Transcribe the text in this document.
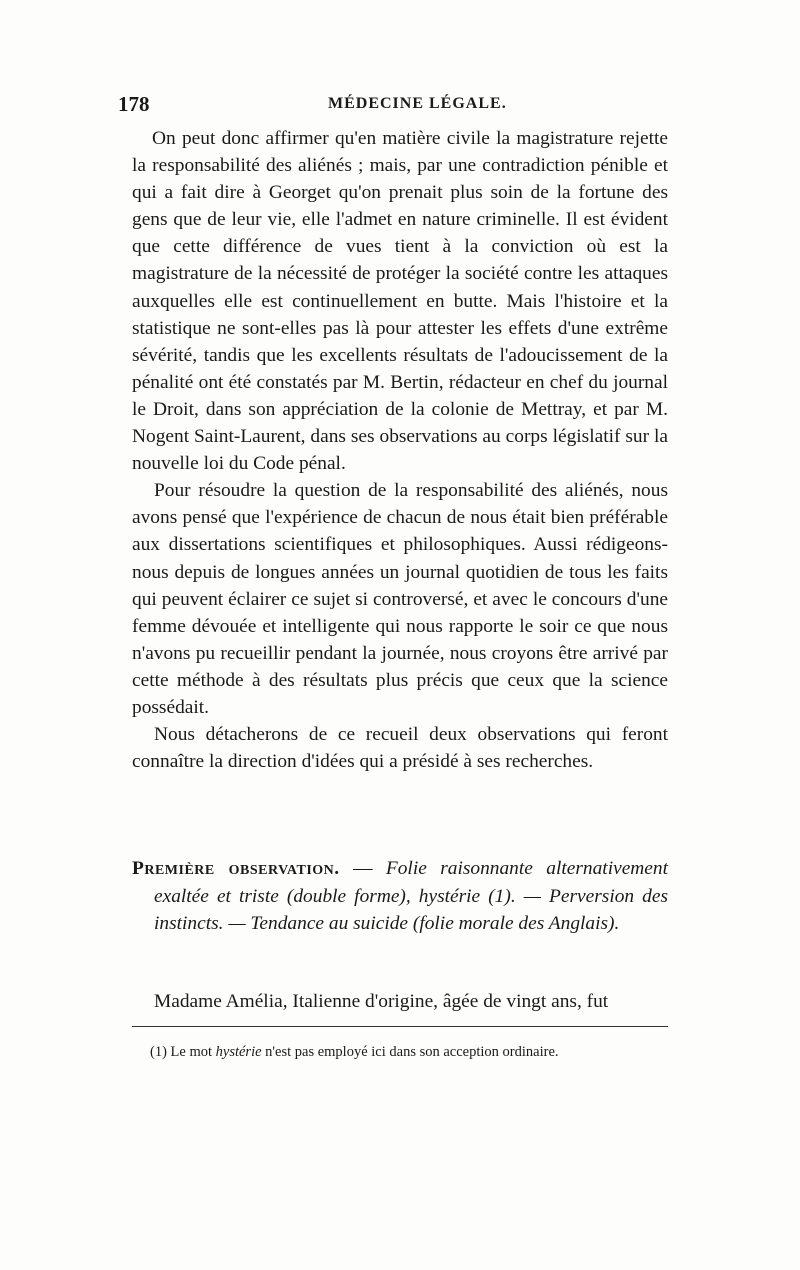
178	MÉDECINE LÉGALE.

On peut donc affirmer qu'en matière civile la magistrature rejette la responsabilité des aliénés ; mais, par une contradiction pénible et qui a fait dire à Georget qu'on prenait plus soin de la fortune des gens que de leur vie, elle l'admet en nature criminelle. Il est évident que cette différence de vues tient à la conviction où est la magistrature de la nécessité de protéger la société contre les attaques auxquelles elle est continuellement en butte. Mais l'histoire et la statistique ne sont-elles pas là pour attester les effets d'une extrême sévérité, tandis que les excellents résultats de l'adoucissement de la pénalité ont été constatés par M. Bertin, rédacteur en chef du journal le Droit, dans son appréciation de la colonie de Mettray, et par M. Nogent Saint-Laurent, dans ses observations au corps législatif sur la nouvelle loi du Code pénal.

Pour résoudre la question de la responsabilité des aliénés, nous avons pensé que l'expérience de chacun de nous était bien préférable aux dissertations scientifiques et philosophiques. Aussi rédigeons-nous depuis de longues années un journal quotidien de tous les faits qui peuvent éclairer ce sujet si controversé, et avec le concours d'une femme dévouée et intelligente qui nous rapporte le soir ce que nous n'avons pu recueillir pendant la journée, nous croyons être arrivé par cette méthode à des résultats plus précis que ceux que la science possédait.

Nous détacherons de ce recueil deux observations qui feront connaître la direction d'idées qui a présidé à ses recherches.

Première observation. — Folie raisonnante alternativement exaltée et triste (double forme), hystérie (1). — Perversion des instincts. — Tendance au suicide (folie morale des Anglais).
Madame Amélia, Italienne d'origine, âgée de vingt ans, fut
(1) Le mot hystérie n'est pas employé ici dans son acception ordinaire.
